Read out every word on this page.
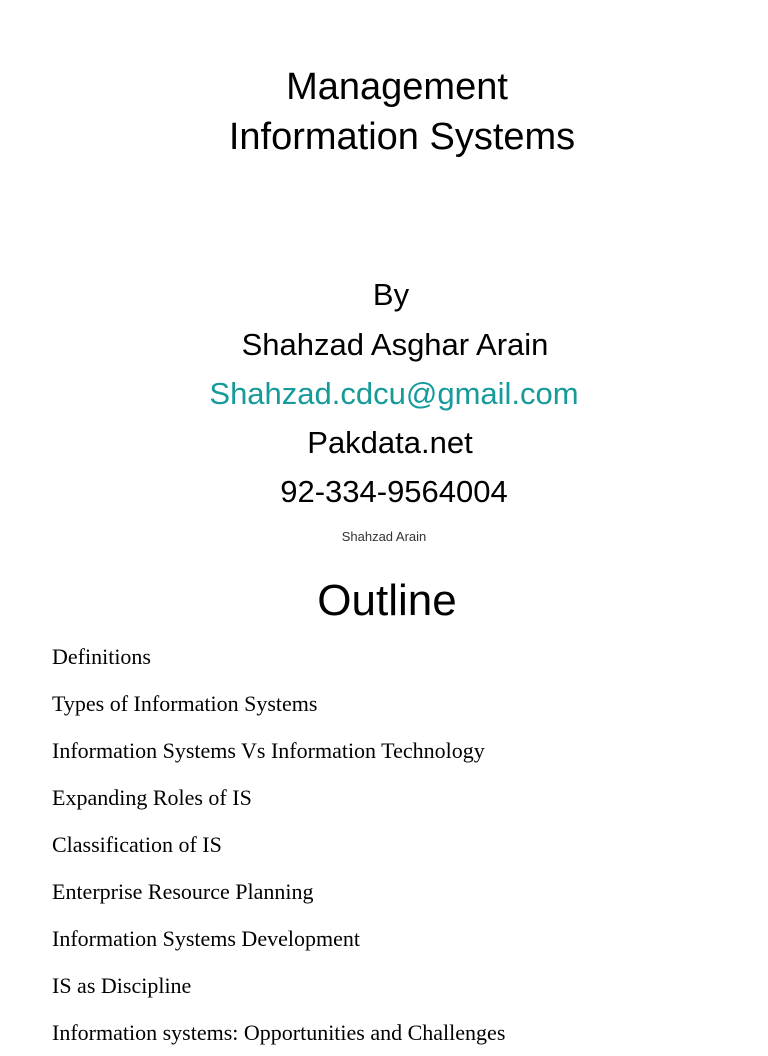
Management
Information Systems
By
Shahzad Asghar Arain
Shahzad.cdcu@gmail.com
Pakdata.net
92-334-9564004
Shahzad Arain
Outline
Definitions
Types of Information Systems
Information Systems Vs Information Technology
Expanding Roles of IS
Classification of IS
Enterprise Resource Planning
Information Systems Development
IS as Discipline
Information systems: Opportunities and Challenges
